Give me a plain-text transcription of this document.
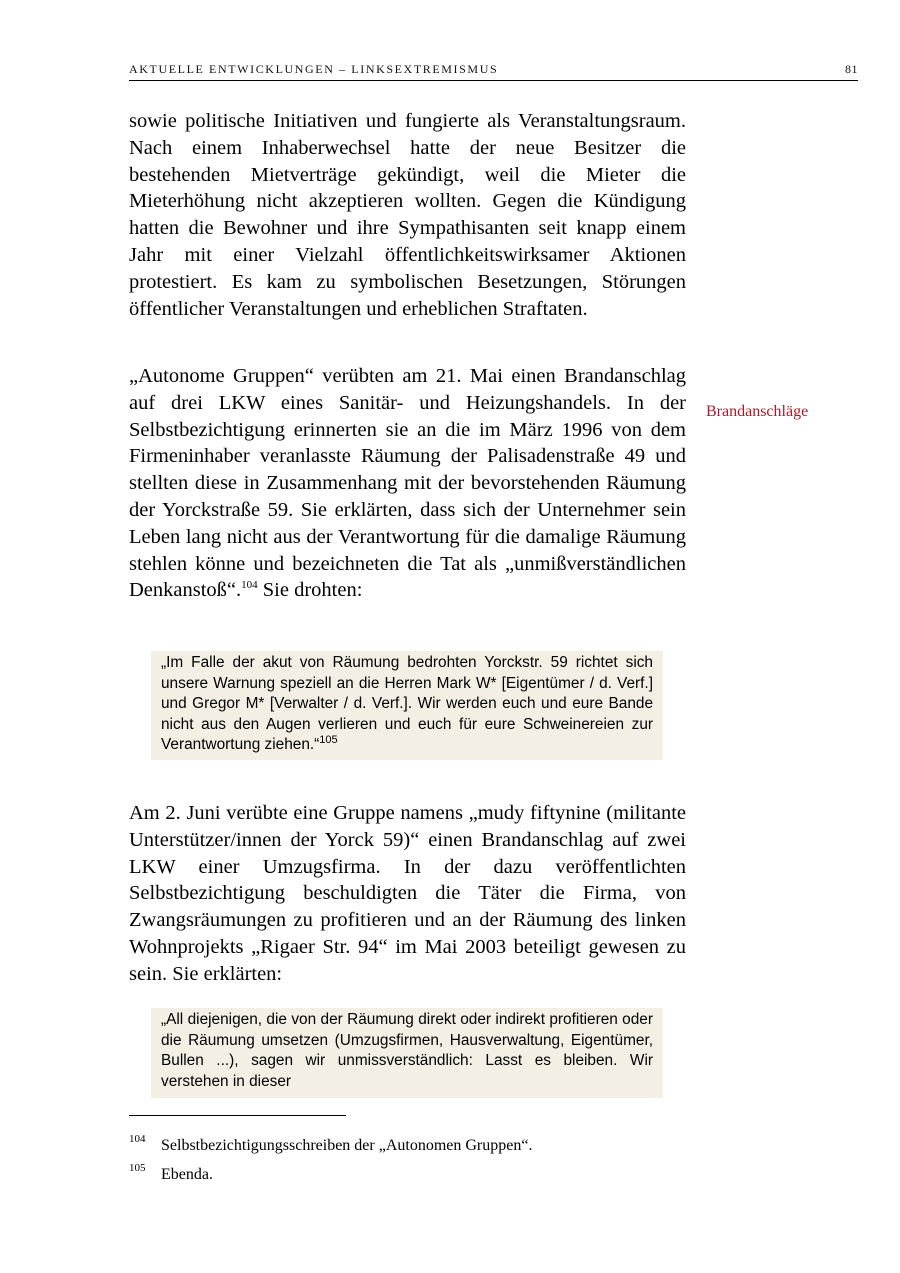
AKTUELLE ENTWICKLUNGEN – LINKSEXTREMISMUS	81

sowie politische Initiativen und fungierte als Veranstaltungsraum. Nach einem Inhaberwechsel hatte der neue Besitzer die bestehenden Mietverträge gekündigt, weil die Mieter die Mieterhöhung nicht akzeptieren wollten. Gegen die Kündigung hatten die Bewohner und ihre Sympathisanten seit knapp einem Jahr mit einer Vielzahl öffentlichkeitswirksamer Aktionen protestiert. Es kam zu symbolischen Besetzungen, Störungen öffentlicher Veranstaltungen und erheblichen Straftaten.

„Autonome Gruppen“ verübten am 21. Mai einen Brandanschlag auf drei LKW eines Sanitär- und Heizungshandels. In der Selbstbezichtigung erinnerten sie an die im März 1996 von dem Firmeninhaber veranlasste Räumung der Palisadenstraße 49 und stellten diese in Zusammenhang mit der bevorstehenden Räumung der Yorckstraße 59. Sie erklärten, dass sich der Unternehmer sein Leben lang nicht aus der Verantwortung für die damalige Räumung stehlen könne und bezeichneten die Tat als „unmißverständlichen Denkanstoß“.$^{104}$ Sie drohten:

Brandanschläge
„Im Falle der akut von Räumung bedrohten Yorckstr. 59 richtet sich unsere Warnung speziell an die Herren Mark W* [Eigentümer / d. Verf.] und Gregor M* [Verwalter / d. Verf.]. Wir werden euch und eure Bande nicht aus den Augen verlieren und euch für eure Schweinereien zur Verantwortung ziehen.“$^{105}$

Am 2. Juni verübte eine Gruppe namens „mudy fiftynine (militante Unterstützer/innen der Yorck 59)“ einen Brandanschlag auf zwei LKW einer Umzugsfirma. In der dazu veröffentlichten Selbstbezichtigung beschuldigten die Täter die Firma, von Zwangsräumungen zu profitieren und an der Räumung des linken Wohnprojekts „Rigaer Str. 94“ im Mai 2003 beteiligt gewesen zu sein. Sie erklärten:

„All diejenigen, die von der Räumung direkt oder indirekt profitieren oder die Räumung umsetzen (Umzugsfirmen, Hausverwaltung, Eigentümer, Bullen ...), sagen wir unmissverständlich: Lasst es bleiben. Wir verstehen in dieser
104 Selbstbezichtigungsschreiben der „Autonomen Gruppen“.
105 Ebenda.
